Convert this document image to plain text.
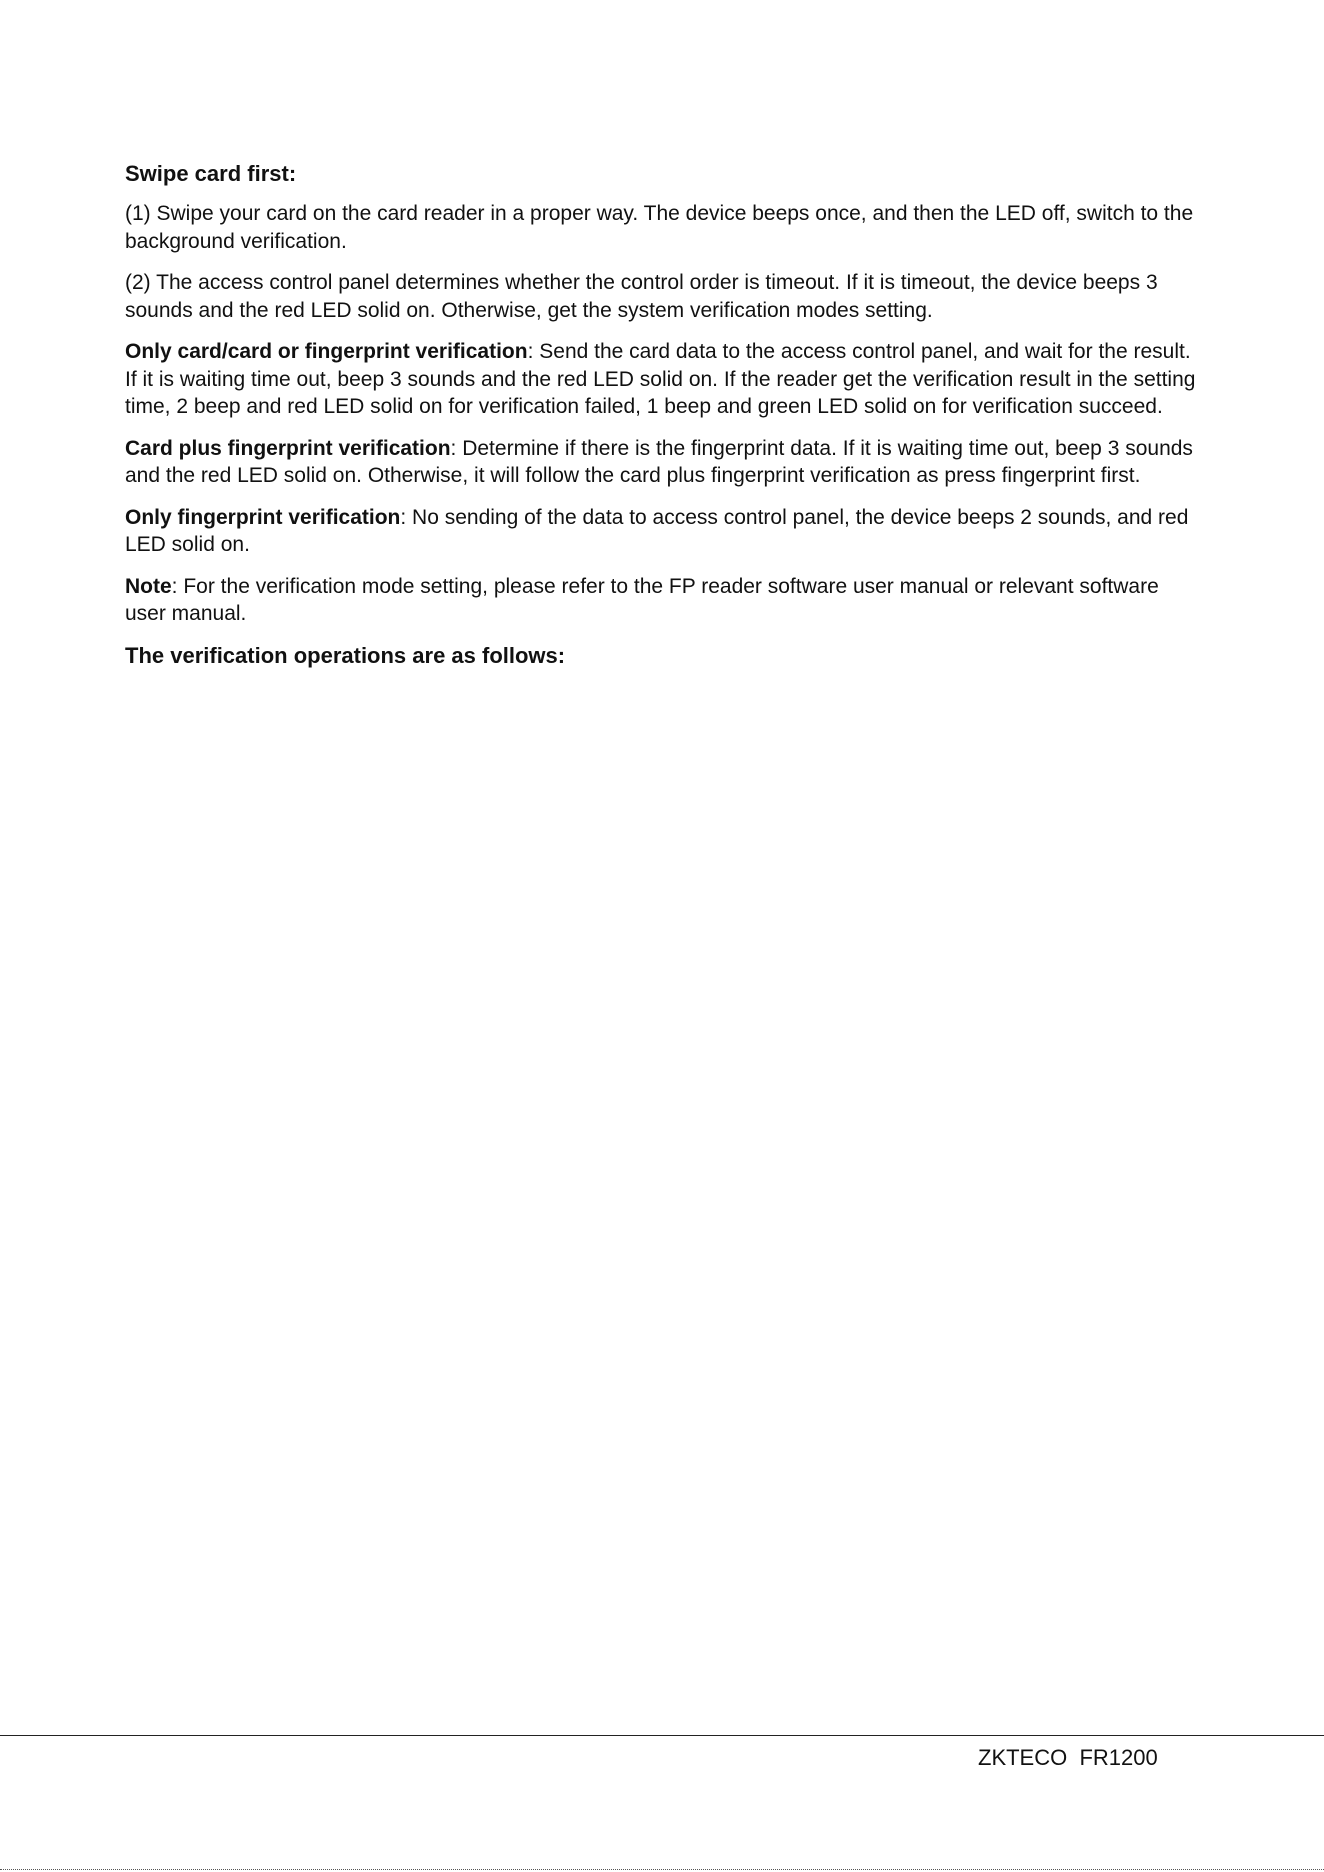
Swipe card first:

(1) Swipe your card on the card reader in a proper way. The device beeps once, and then the LED off, switch to the background verification.

(2) The access control panel determines whether the control order is timeout. If it is timeout, the device beeps 3 sounds and the red LED solid on. Otherwise, get the system verification modes setting.

Only card/card or fingerprint verification: Send the card data to the access control panel, and wait for the result. If it is waiting time out, beep 3 sounds and the red LED solid on. If the reader get the verification result in the setting time, 2 beep and red LED solid on for verification failed, 1 beep and green LED solid on for verification succeed.

Card plus fingerprint verification: Determine if there is the fingerprint data. If it is waiting time out, beep 3 sounds and the red LED solid on. Otherwise, it will follow the card plus fingerprint verification as press fingerprint first.

Only fingerprint verification: No sending of the data to access control panel, the device beeps 2 sounds, and red LED solid on.

Note: For the verification mode setting, please refer to the FP reader software user manual or relevant software user manual.

The verification operations are as follows:
ZKTECO  FR1200
